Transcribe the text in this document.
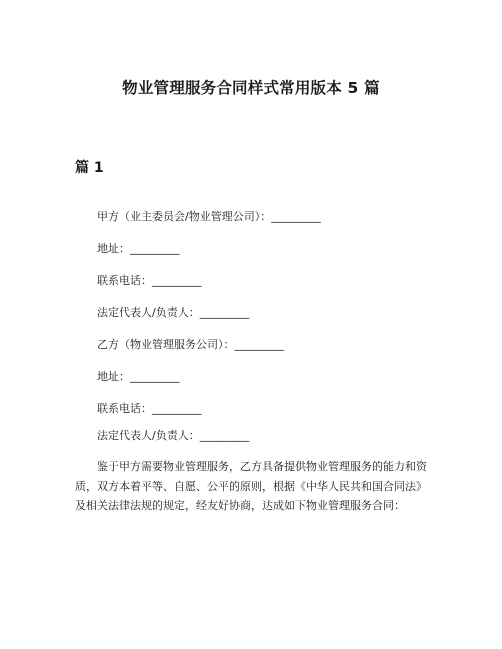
物业管理服务合同样式常用版本 5 篇
篇 1

甲方（业主委员会/物业管理公司）：_________

地址：_________

联系电话：_________

法定代表人/负责人：_________

乙方（物业管理服务公司）：_________

地址：_________

联系电话：_________

法定代表人/负责人：_________

鉴于甲方需要物业管理服务，乙方具备提供物业管理服务的能力和资质，双方本着平等、自愿、公平的原则，根据《中华人民共和国合同法》及相关法律法规的规定，经友好协商，达成如下物业管理服务合同：
